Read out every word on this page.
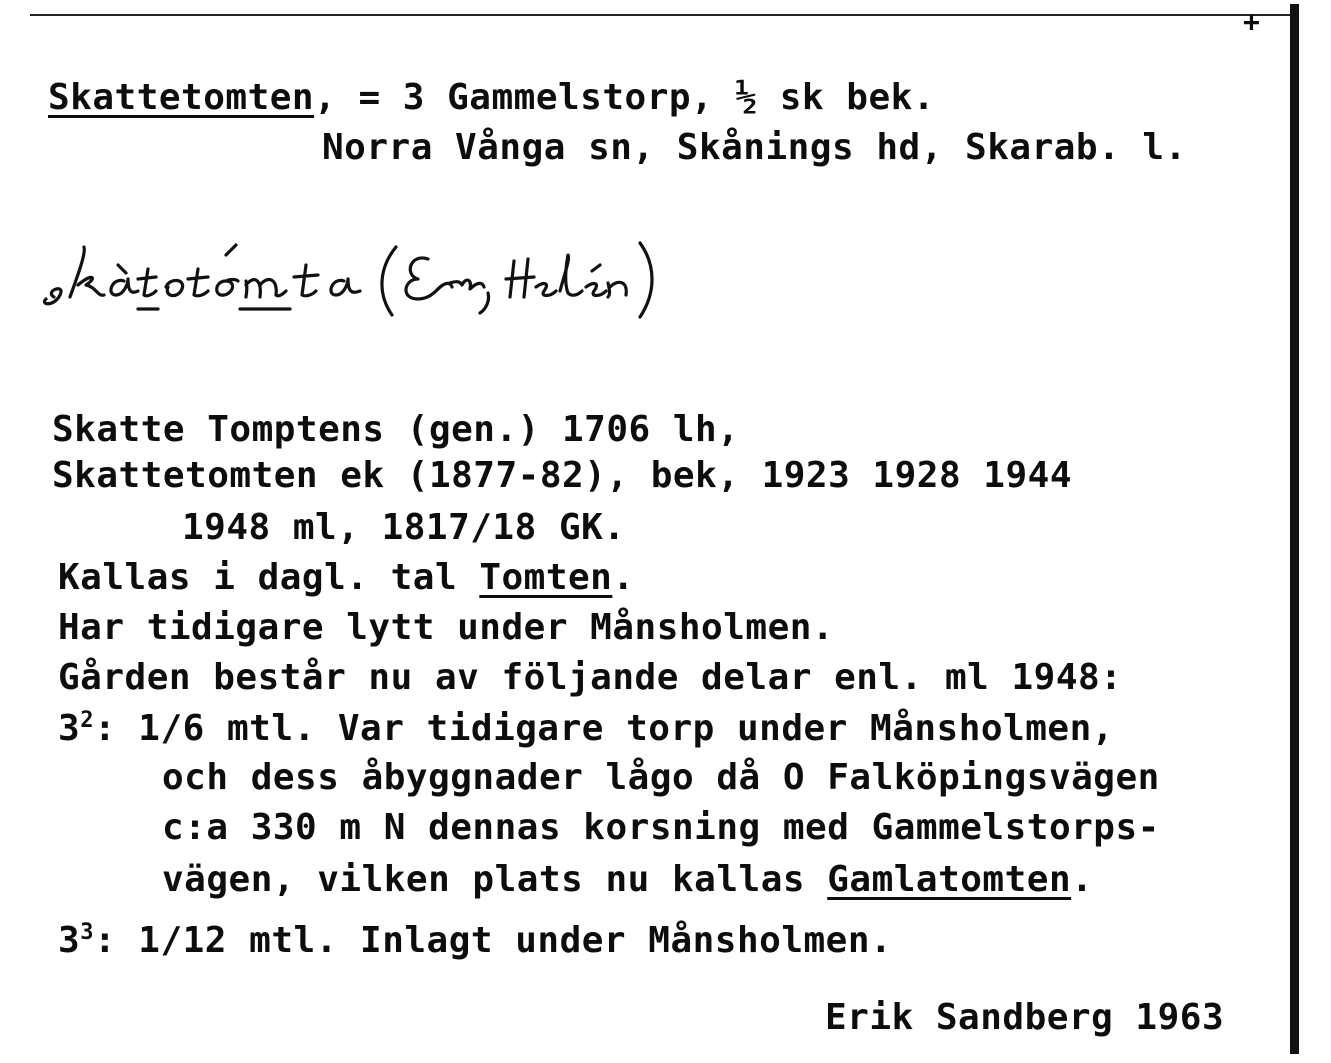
+
Skattetomten, = 3 Gammelstorp, ½ sk bek.
Norra Vånga sn, Skånings hd, Skarab. l.
Skatte Tomptens (gen.) 1706 lh,
Skattetomten ek (1877-82), bek, 1923 1928 1944
1948 ml, 1817/18 GK.
Kallas i dagl. tal Tomten.
Har tidigare lytt under Månsholmen.
Gården består nu av följande delar enl. ml 1948:
$3^2$: 1/6 mtl. Var tidigare torp under Månsholmen,
och dess åbyggnader lågo då O Falköpingsvägen
c:a 330 m N dennas korsning med Gammelstorps-
vägen, vilken plats nu kallas Gamlatomten.
$3^3$: 1/12 mtl. Inlagt under Månsholmen.
Erik Sandberg 1963
